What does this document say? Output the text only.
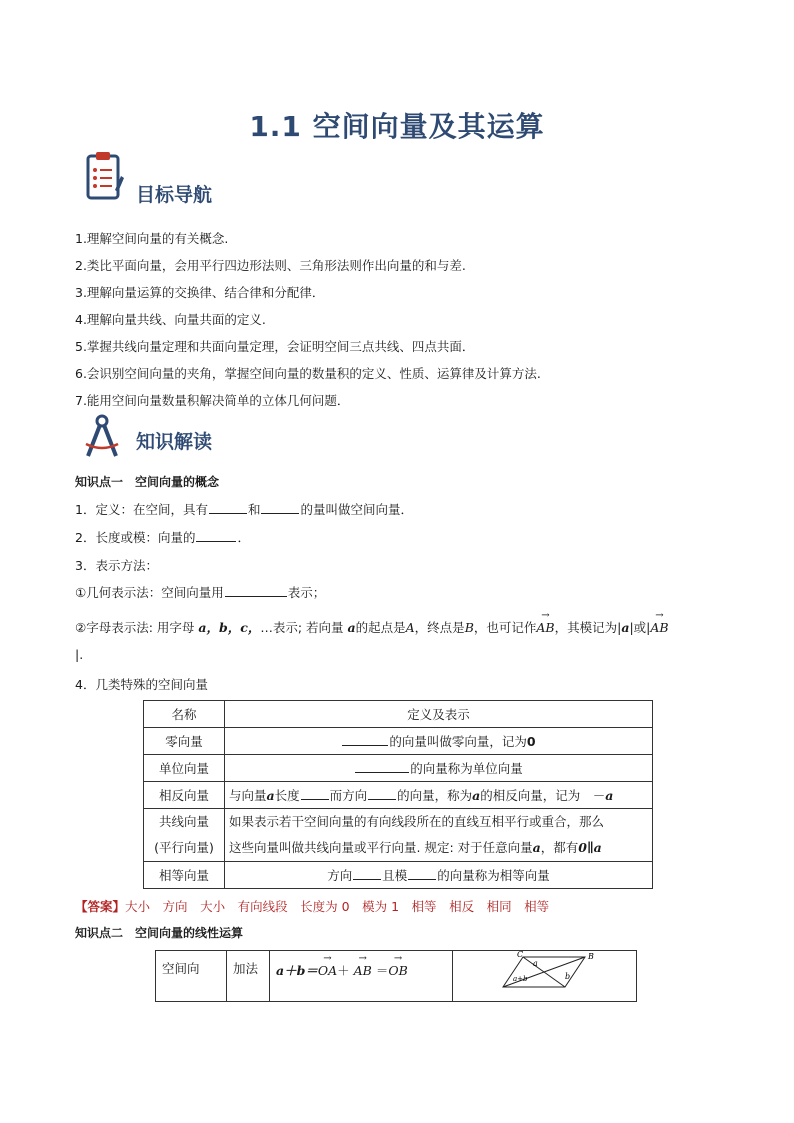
1.1 空间向量及其运算
目标导航
1.理解空间向量的有关概念.
2.类比平面向量，会用平行四边形法则、三角形法则作出向量的和与差.
3.理解向量运算的交换律、结合律和分配律．
4.理解向量共线、向量共面的定义.
5.掌握共线向量定理和共面向量定理，会证明空间三点共线、四点共面．
6.会识别空间向量的夹角，掌握空间向量的数量积的定义、性质、运算律及计算方法.
7.能用空间向量数量积解决简单的立体几何问题．
知识解读
知识点一　空间向量的概念
1．定义：在空间，具有	和	的量叫做空间向量．
2．长度或模：向量的	．
3．表示方法：
①几何表示法：空间向量用	表示；
②字母表示法: 用字母 a，b，c，…表示; 若向量 a的起点是A，终点是B，也可记作→ AB，其模记为|a|或|→ AB
|.
4．几类特殊的空间向量
名称	定义及表示
零向量	的向量叫做零向量，记为0
单位向量	的向量称为单位向量
相反向量	与向量a长度 而方向 的向量，称为a的相反向量，记为　－a
共线向量
(平行向量)	如果表示若干空间向量的有向线段所在的直线互相平行或重合，那么
这些向量叫做共线向量或平行向量. 规定: 对于任意向量a，都有0∥a
相等向量	方向 且模 的向量称为相等向量
【答案】大小　 方向　 大小　 有向线段　 长度为 0　 模为 1　 相等　 相反　 相同　 相等
知识点二　空间向量的线性运算
空间向	加法	a＋b＝→ OA＋ → AB ＝→ OB	
C	B
a
b
a+b
